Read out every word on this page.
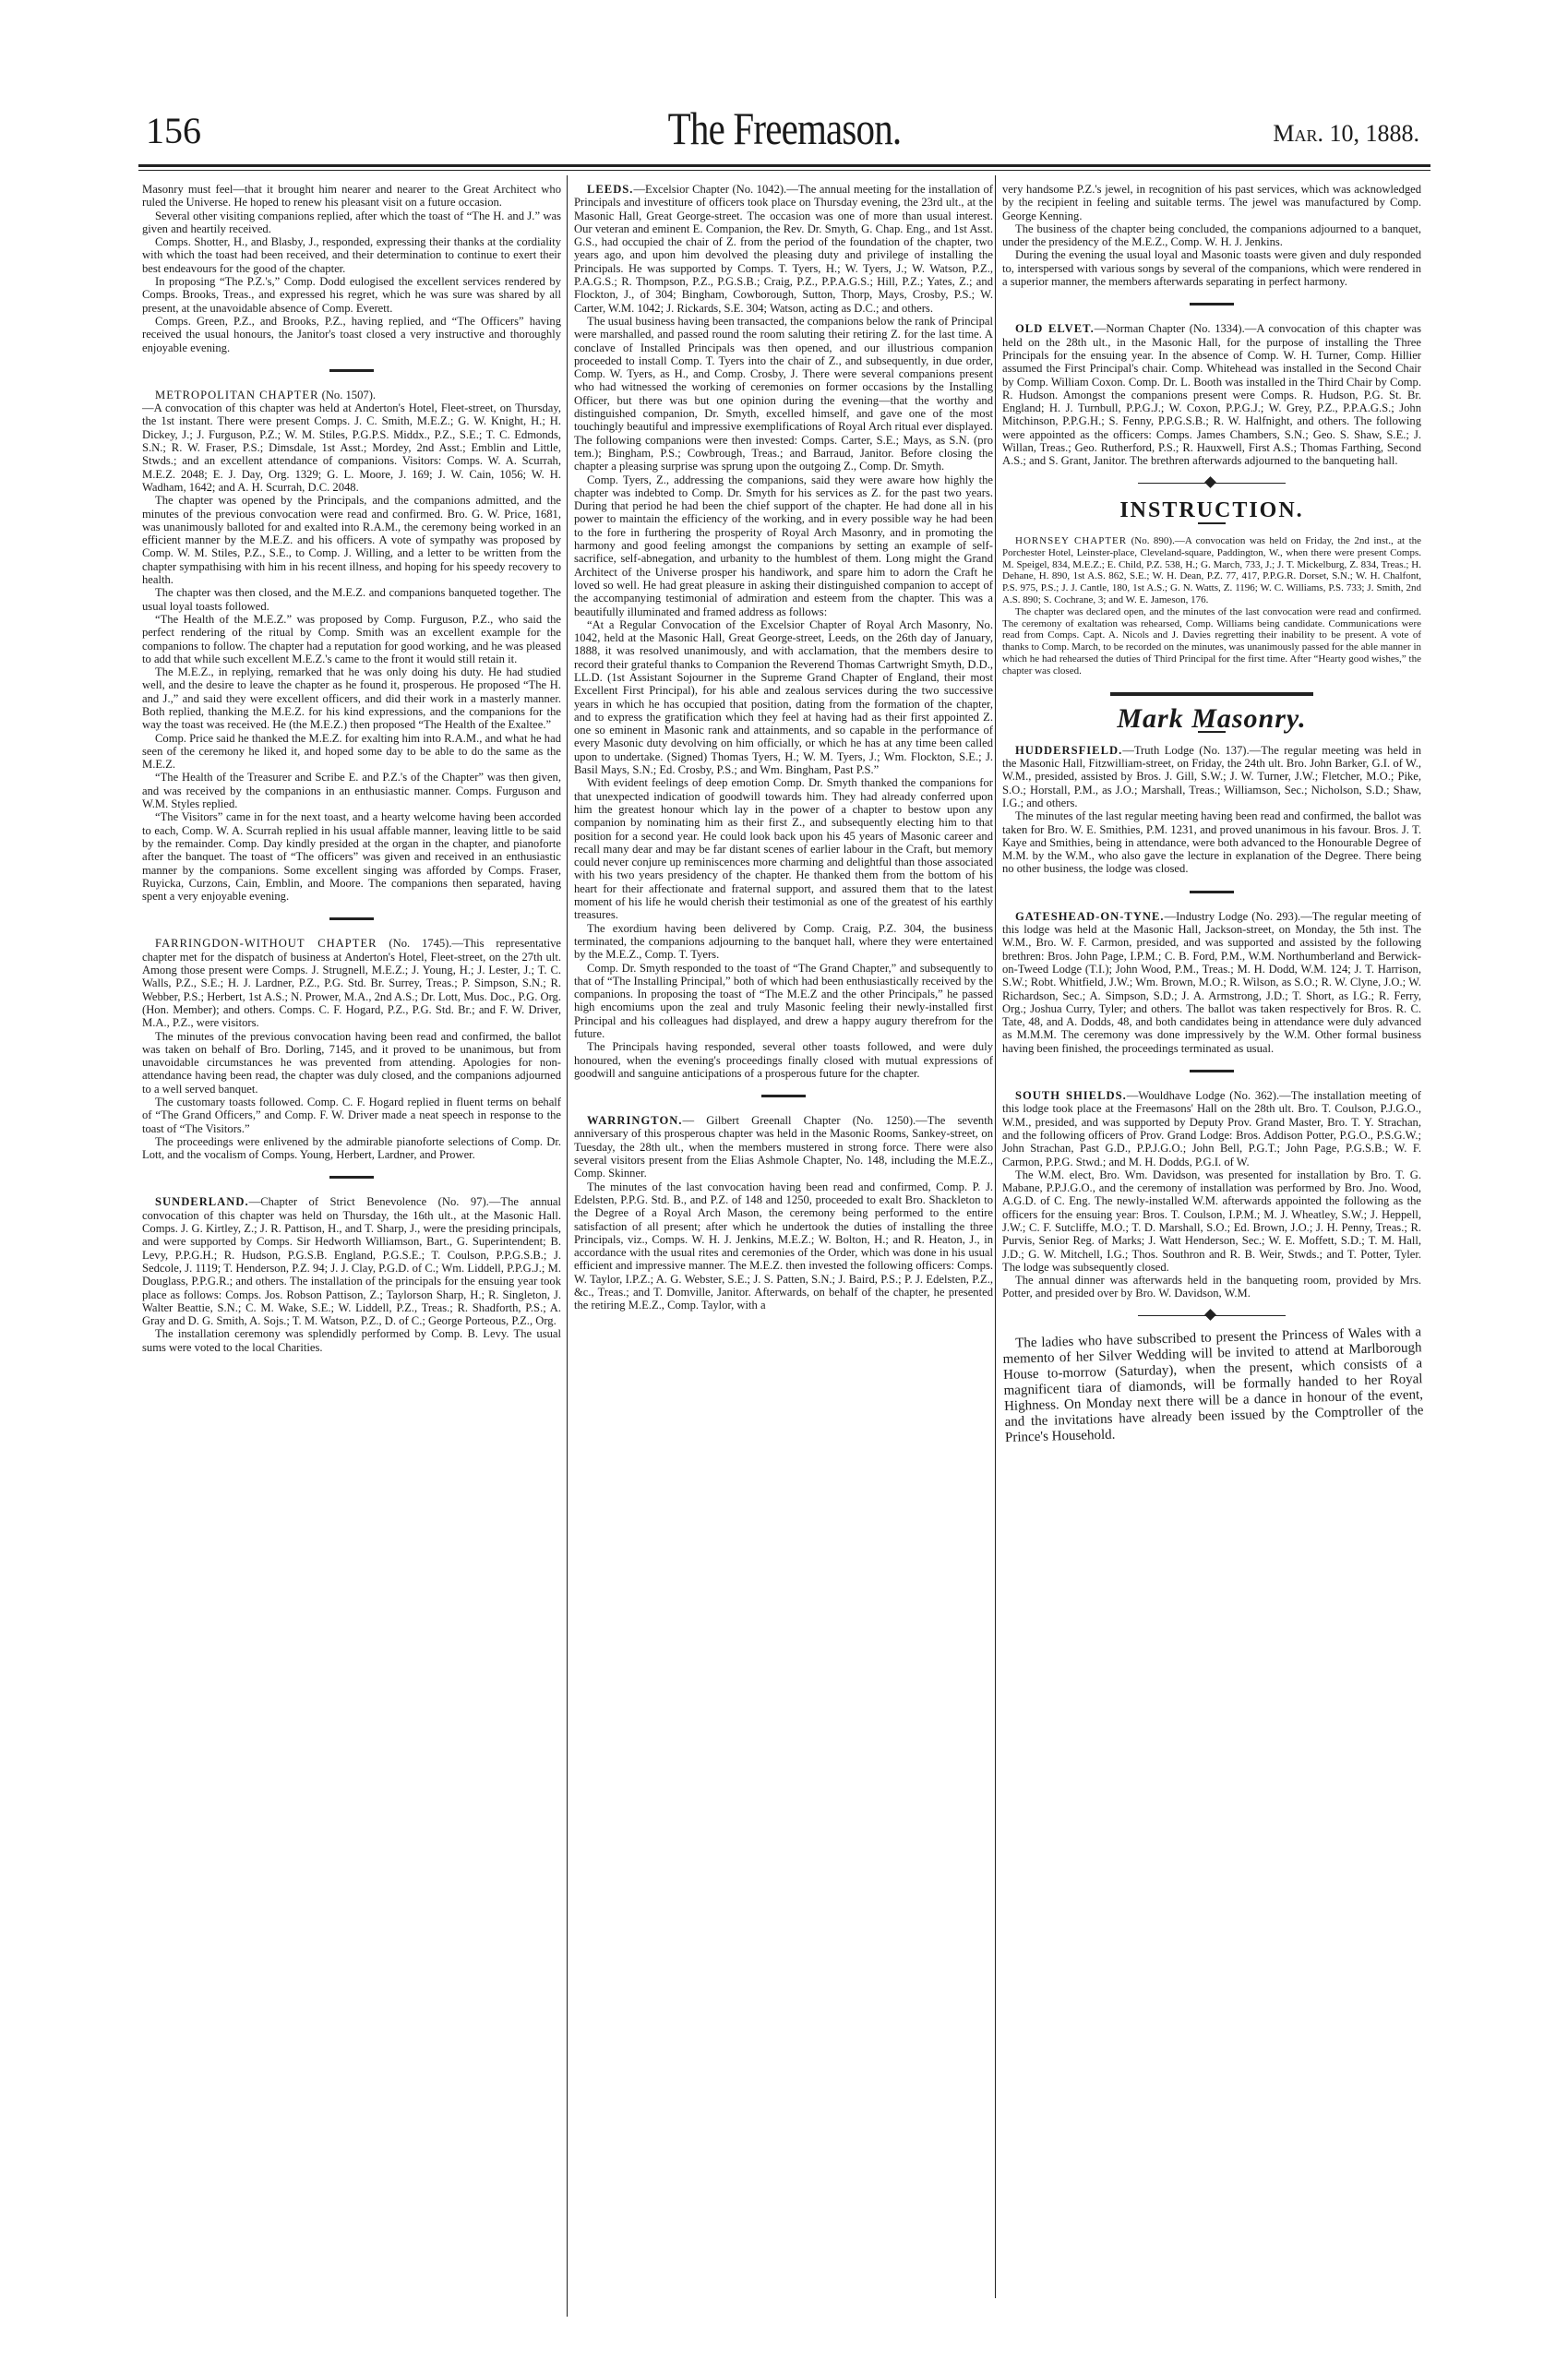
156	The Freemason.	Mar. 10, 1888.

Masonry must feel—that it brought him nearer and nearer to the Great Architect who ruled the Universe. He hoped to renew his pleasant visit on a future occasion.

Several other visiting companions replied, after which the toast of “The H. and J.” was given and heartily received.

Comps. Shotter, H., and Blasby, J., responded, expressing their thanks at the cordiality with which the toast had been received, and their determination to continue to exert their best endeavours for the good of the chapter.

In proposing “The P.Z.'s,” Comp. Dodd eulogised the excellent services rendered by Comps. Brooks, Treas., and expressed his regret, which he was sure was shared by all present, at the unavoidable absence of Comp. Everett.

Comps. Green, P.Z., and Brooks, P.Z., having replied, and “The Officers” having received the usual honours, the Janitor's toast closed a very instructive and thoroughly enjoyable evening.

METROPOLITAN CHAPTER (No. 1507).

—A convocation of this chapter was held at Anderton's Hotel, Fleet-street, on Thursday, the 1st instant. There were present Comps. J. C. Smith, M.E.Z.; G. W. Knight, H.; H. Dickey, J.; J. Furguson, P.Z.; W. M. Stiles, P.G.P.S. Middx., P.Z., S.E.; T. C. Edmonds, S.N.; R. W. Fraser, P.S.; Dimsdale, 1st Asst.; Mordey, 2nd Asst.; Emblin and Little, Stwds.; and an excellent attendance of companions. Visitors: Comps. W. A. Scurrah, M.E.Z. 2048; E. J. Day, Org. 1329; G. L. Moore, J. 169; J. W. Cain, 1056; W. H. Wadham, 1642; and A. H. Scurrah, D.C. 2048.

The chapter was opened by the Principals, and the companions admitted, and the minutes of the previous convocation were read and confirmed. Bro. G. W. Price, 1681, was unanimously balloted for and exalted into R.A.M., the ceremony being worked in an efficient manner by the M.E.Z. and his officers. A vote of sympathy was proposed by Comp. W. M. Stiles, P.Z., S.E., to Comp. J. Willing, and a letter to be written from the chapter sympathising with him in his recent illness, and hoping for his speedy recovery to health.

The chapter was then closed, and the M.E.Z. and companions banqueted together. The usual loyal toasts followed.

“The Health of the M.E.Z.” was proposed by Comp. Furguson, P.Z., who said the perfect rendering of the ritual by Comp. Smith was an excellent example for the companions to follow. The chapter had a reputation for good working, and he was pleased to add that while such excellent M.E.Z.'s came to the front it would still retain it.

The M.E.Z., in replying, remarked that he was only doing his duty. He had studied well, and the desire to leave the chapter as he found it, prosperous. He proposed “The H. and J.,” and said they were excellent officers, and did their work in a masterly manner. Both replied, thanking the M.E.Z. for his kind expressions, and the companions for the way the toast was received. He (the M.E.Z.) then proposed “The Health of the Exaltee.”

Comp. Price said he thanked the M.E.Z. for exalting him into R.A.M., and what he had seen of the ceremony he liked it, and hoped some day to be able to do the same as the M.E.Z.

“The Health of the Treasurer and Scribe E. and P.Z.'s of the Chapter” was then given, and was received by the companions in an enthusiastic manner. Comps. Furguson and W.M. Styles replied.

“The Visitors” came in for the next toast, and a hearty welcome having been accorded to each, Comp. W. A. Scurrah replied in his usual affable manner, leaving little to be said by the remainder. Comp. Day kindly presided at the organ in the chapter, and pianoforte after the banquet. The toast of “The officers” was given and received in an enthusiastic manner by the companions. Some excellent singing was afforded by Comps. Fraser, Ruyicka, Curzons, Cain, Emblin, and Moore. The companions then separated, having spent a very enjoyable evening.

FARRINGDON-WITHOUT CHAPTER (No. 1745).—This representative chapter met for the dispatch of business at Anderton's Hotel, Fleet-street, on the 27th ult. Among those present were Comps. J. Strugnell, M.E.Z.; J. Young, H.; J. Lester, J.; T. C. Walls, P.Z., S.E.; H. J. Lardner, P.Z., P.G. Std. Br. Surrey, Treas.; P. Simpson, S.N.; R. Webber, P.S.; Herbert, 1st A.S.; N. Prower, M.A., 2nd A.S.; Dr. Lott, Mus. Doc., P.G. Org. (Hon. Member); and others. Comps. C. F. Hogard, P.Z., P.G. Std. Br.; and F. W. Driver, M.A., P.Z., were visitors.

The minutes of the previous convocation having been read and confirmed, the ballot was taken on behalf of Bro. Dorling, 7145, and it proved to be unanimous, but from unavoidable circumstances he was prevented from attending. Apologies for non-attendance having been read, the chapter was duly closed, and the companions adjourned to a well served banquet.

The customary toasts followed. Comp. C. F. Hogard replied in fluent terms on behalf of “The Grand Officers,” and Comp. F. W. Driver made a neat speech in response to the toast of “The Visitors.”

The proceedings were enlivened by the admirable pianoforte selections of Comp. Dr. Lott, and the vocalism of Comps. Young, Herbert, Lardner, and Prower.

SUNDERLAND.—Chapter of Strict Benevolence (No. 97).—The annual convocation of this chapter was held on Thursday, the 16th ult., at the Masonic Hall. Comps. J. G. Kirtley, Z.; J. R. Pattison, H., and T. Sharp, J., were the presiding principals, and were supported by Comps. Sir Hedworth Williamson, Bart., G. Superintendent; B. Levy, P.P.G.H.; R. Hudson, P.G.S.B. England, P.G.S.E.; T. Coulson, P.P.G.S.B.; J. Sedcole, J. 1119; T. Henderson, P.Z. 94; J. J. Clay, P.G.D. of C.; Wm. Liddell, P.P.G.J.; M. Douglass, P.P.G.R.; and others. The installation of the principals for the ensuing year took place as follows: Comps. Jos. Robson Pattison, Z.; Taylorson Sharp, H.; R. Singleton, J. Walter Beattie, S.N.; C. M. Wake, S.E.; W. Liddell, P.Z., Treas.; R. Shadforth, P.S.; A. Gray and D. G. Smith, A. Sojs.; T. M. Watson, P.Z., D. of C.; George Porteous, P.Z., Org.

The installation ceremony was splendidly performed by Comp. B. Levy. The usual sums were voted to the local Charities.

LEEDS.—Excelsior Chapter (No. 1042).—The annual meeting for the installation of Principals and investiture of officers took place on Thursday evening, the 23rd ult., at the Masonic Hall, Great George-street. The occasion was one of more than usual interest. Our veteran and eminent E. Companion, the Rev. Dr. Smyth, G. Chap. Eng., and 1st Asst. G.S., had occupied the chair of Z. from the period of the foundation of the chapter, two years ago, and upon him devolved the pleasing duty and privilege of installing the Principals. He was supported by Comps. T. Tyers, H.; W. Tyers, J.; W. Watson, P.Z., P.A.G.S.; R. Thompson, P.Z., P.G.S.B.; Craig, P.Z., P.P.A.G.S.; Hill, P.Z.; Yates, Z.; and Flockton, J., of 304; Bingham, Cowborough, Sutton, Thorp, Mays, Crosby, P.S.; W. Carter, W.M. 1042; J. Rickards, S.E. 304; Watson, acting as D.C.; and others.

The usual business having been transacted, the companions below the rank of Principal were marshalled, and passed round the room saluting their retiring Z. for the last time. A conclave of Installed Principals was then opened, and our illustrious companion proceeded to install Comp. T. Tyers into the chair of Z., and subsequently, in due order, Comp. W. Tyers, as H., and Comp. Crosby, J. There were several companions present who had witnessed the working of ceremonies on former occasions by the Installing Officer, but there was but one opinion during the evening—that the worthy and distinguished companion, Dr. Smyth, excelled himself, and gave one of the most touchingly beautiful and impressive exemplifications of Royal Arch ritual ever displayed. The following companions were then invested: Comps. Carter, S.E.; Mays, as S.N. (pro tem.); Bingham, P.S.; Cowbrough, Treas.; and Barraud, Janitor. Before closing the chapter a pleasing surprise was sprung upon the outgoing Z., Comp. Dr. Smyth.

Comp. Tyers, Z., addressing the companions, said they were aware how highly the chapter was indebted to Comp. Dr. Smyth for his services as Z. for the past two years. During that period he had been the chief support of the chapter. He had done all in his power to maintain the efficiency of the working, and in every possible way he had been to the fore in furthering the prosperity of Royal Arch Masonry, and in promoting the harmony and good feeling amongst the companions by setting an example of self-sacrifice, self-abnegation, and urbanity to the humblest of them. Long might the Grand Architect of the Universe prosper his handiwork, and spare him to adorn the Craft he loved so well. He had great pleasure in asking their distinguished companion to accept of the accompanying testimonial of admiration and esteem from the chapter. This was a beautifully illuminated and framed address as follows:

“At a Regular Convocation of the Excelsior Chapter of Royal Arch Masonry, No. 1042, held at the Masonic Hall, Great George-street, Leeds, on the 26th day of January, 1888, it was resolved unanimously, and with acclamation, that the members desire to record their grateful thanks to Companion the Reverend Thomas Cartwright Smyth, D.D., LL.D. (1st Assistant Sojourner in the Supreme Grand Chapter of England, their most Excellent First Principal), for his able and zealous services during the two successive years in which he has occupied that position, dating from the formation of the chapter, and to express the gratification which they feel at having had as their first appointed Z. one so eminent in Masonic rank and attainments, and so capable in the performance of every Masonic duty devolving on him officially, or which he has at any time been called upon to undertake. (Signed) Thomas Tyers, H.; W. M. Tyers, J.; Wm. Flockton, S.E.; J. Basil Mays, S.N.; Ed. Crosby, P.S.; and Wm. Bingham, Past P.S.”

With evident feelings of deep emotion Comp. Dr. Smyth thanked the companions for that unexpected indication of goodwill towards him. They had already conferred upon him the greatest honour which lay in the power of a chapter to bestow upon any companion by nominating him as their first Z., and subsequently electing him to that position for a second year. He could look back upon his 45 years of Masonic career and recall many dear and may be far distant scenes of earlier labour in the Craft, but memory could never conjure up reminiscences more charming and delightful than those associated with his two years presidency of the chapter. He thanked them from the bottom of his heart for their affectionate and fraternal support, and assured them that to the latest moment of his life he would cherish their testimonial as one of the greatest of his earthly treasures.

The exordium having been delivered by Comp. Craig, P.Z. 304, the business terminated, the companions adjourning to the banquet hall, where they were entertained by the M.E.Z., Comp. T. Tyers.

Comp. Dr. Smyth responded to the toast of “The Grand Chapter,” and subsequently to that of “The Installing Principal,” both of which had been enthusiastically received by the companions. In proposing the toast of “The M.E.Z and the other Principals,” he passed high encomiums upon the zeal and truly Masonic feeling their newly-installed first Principal and his colleagues had displayed, and drew a happy augury therefrom for the future.

The Principals having responded, several other toasts followed, and were duly honoured, when the evening's proceedings finally closed with mutual expressions of goodwill and sanguine anticipations of a prosperous future for the chapter.

WARRINGTON.— Gilbert Greenall Chapter (No. 1250).—The seventh anniversary of this prosperous chapter was held in the Masonic Rooms, Sankey-street, on Tuesday, the 28th ult., when the members mustered in strong force. There were also several visitors present from the Elias Ashmole Chapter, No. 148, including the M.E.Z., Comp. Skinner.

The minutes of the last convocation having been read and confirmed, Comp. P. J. Edelsten, P.P.G. Std. B., and P.Z. of 148 and 1250, proceeded to exalt Bro. Shackleton to the Degree of a Royal Arch Mason, the ceremony being performed to the entire satisfaction of all present; after which he undertook the duties of installing the three Principals, viz., Comps. W. H. J. Jenkins, M.E.Z.; W. Bolton, H.; and R. Heaton, J., in accordance with the usual rites and ceremonies of the Order, which was done in his usual efficient and impressive manner. The M.E.Z. then invested the following officers: Comps. W. Taylor, I.P.Z.; A. G. Webster, S.E.; J. S. Patten, S.N.; J. Baird, P.S.; P. J. Edelsten, P.Z., &c., Treas.; and T. Domville, Janitor. Afterwards, on behalf of the chapter, he presented the retiring M.E.Z., Comp. Taylor, with a

very handsome P.Z.'s jewel, in recognition of his past services, which was acknowledged by the recipient in feeling and suitable terms. The jewel was manufactured by Comp. George Kenning.

The business of the chapter being concluded, the companions adjourned to a banquet, under the presidency of the M.E.Z., Comp. W. H. J. Jenkins.

During the evening the usual loyal and Masonic toasts were given and duly responded to, interspersed with various songs by several of the companions, which were rendered in a superior manner, the members afterwards separating in perfect harmony.

OLD ELVET.—Norman Chapter (No. 1334).—A convocation of this chapter was held on the 28th ult., in the Masonic Hall, for the purpose of installing the Three Principals for the ensuing year. In the absence of Comp. W. H. Turner, Comp. Hillier assumed the First Principal's chair. Comp. Whitehead was installed in the Second Chair by Comp. William Coxon. Comp. Dr. L. Booth was installed in the Third Chair by Comp. R. Hudson. Amongst the companions present were Comps. R. Hudson, P.G. St. Br. England; H. J. Turnbull, P.P.G.J.; W. Coxon, P.P.G.J.; W. Grey, P.Z., P.P.A.G.S.; John Mitchinson, P.P.G.H.; S. Fenny, P.P.G.S.B.; R. W. Halfnight, and others. The following were appointed as the officers: Comps. James Chambers, S.N.; Geo. S. Shaw, S.E.; J. Willan, Treas.; Geo. Rutherford, P.S.; R. Hauxwell, First A.S.; Thomas Farthing, Second A.S.; and S. Grant, Janitor. The brethren afterwards adjourned to the banqueting hall.

INSTRUCTION.

HORNSEY CHAPTER (No. 890).—A convocation was held on Friday, the 2nd inst., at the Porchester Hotel, Leinster-place, Cleveland-square, Paddington, W., when there were present Comps. M. Speigel, 834, M.E.Z.; E. Child, P.Z. 538, H.; G. March, 733, J.; J. T. Mickelburg, Z. 834, Treas.; H. Dehane, H. 890, 1st A.S. 862, S.E.; W. H. Dean, P.Z. 77, 417, P.P.G.R. Dorset, S.N.; W. H. Chalfont, P.S. 975, P.S.; J. J. Cantle, 180, 1st A.S.; G. N. Watts, Z. 1196; W. C. Williams, P.S. 733; J. Smith, 2nd A.S. 890; S. Cochrane, 3; and W. E. Jameson, 176.

The chapter was declared open, and the minutes of the last convocation were read and confirmed. The ceremony of exaltation was rehearsed, Comp. Williams being candidate. Communications were read from Comps. Capt. A. Nicols and J. Davies regretting their inability to be present. A vote of thanks to Comp. March, to be recorded on the minutes, was unanimously passed for the able manner in which he had rehearsed the duties of Third Principal for the first time. After “Hearty good wishes,” the chapter was closed.

Mark Masonry.

HUDDERSFIELD.—Truth Lodge (No. 137).—The regular meeting was held in the Masonic Hall, Fitzwilliam-street, on Friday, the 24th ult. Bro. John Barker, G.I. of W., W.M., presided, assisted by Bros. J. Gill, S.W.; J. W. Turner, J.W.; Fletcher, M.O.; Pike, S.O.; Horstall, P.M., as J.O.; Marshall, Treas.; Williamson, Sec.; Nicholson, S.D.; Shaw, I.G.; and others.

The minutes of the last regular meeting having been read and confirmed, the ballot was taken for Bro. W. E. Smithies, P.M. 1231, and proved unanimous in his favour. Bros. J. T. Kaye and Smithies, being in attendance, were both advanced to the Honourable Degree of M.M. by the W.M., who also gave the lecture in explanation of the Degree. There being no other business, the lodge was closed.

GATESHEAD-ON-TYNE.—Industry Lodge (No. 293).—The regular meeting of this lodge was held at the Masonic Hall, Jackson-street, on Monday, the 5th inst. The W.M., Bro. W. F. Carmon, presided, and was supported and assisted by the following brethren: Bros. John Page, I.P.M.; C. B. Ford, P.M., W.M. Northumberland and Berwick-on-Tweed Lodge (T.I.); John Wood, P.M., Treas.; M. H. Dodd, W.M. 124; J. T. Harrison, S.W.; Robt. Whitfield, J.W.; Wm. Brown, M.O.; R. Wilson, as S.O.; R. W. Clyne, J.O.; W. Richardson, Sec.; A. Simpson, S.D.; J. A. Armstrong, J.D.; T. Short, as I.G.; R. Ferry, Org.; Joshua Curry, Tyler; and others. The ballot was taken respectively for Bros. R. C. Tate, 48, and A. Dodds, 48, and both candidates being in attendance were duly advanced as M.M.M. The ceremony was done impressively by the W.M. Other formal business having been finished, the proceedings terminated as usual.

SOUTH SHIELDS.—Wouldhave Lodge (No. 362).—The installation meeting of this lodge took place at the Freemasons' Hall on the 28th ult. Bro. T. Coulson, P.J.G.O., W.M., presided, and was supported by Deputy Prov. Grand Master, Bro. T. Y. Strachan, and the following officers of Prov. Grand Lodge: Bros. Addison Potter, P.G.O., P.S.G.W.; John Strachan, Past G.D., P.P.J.G.O.; John Bell, P.G.T.; John Page, P.G.S.B.; W. F. Carmon, P.P.G. Stwd.; and M. H. Dodds, P.G.I. of W.

The W.M. elect, Bro. Wm. Davidson, was presented for installation by Bro. T. G. Mabane, P.P.J.G.O., and the ceremony of installation was performed by Bro. Jno. Wood, A.G.D. of C. Eng. The newly-installed W.M. afterwards appointed the following as the officers for the ensuing year: Bros. T. Coulson, I.P.M.; M. J. Wheatley, S.W.; J. Heppell, J.W.; C. F. Sutcliffe, M.O.; T. D. Marshall, S.O.; Ed. Brown, J.O.; J. H. Penny, Treas.; R. Purvis, Senior Reg. of Marks; J. Watt Henderson, Sec.; W. E. Moffett, S.D.; T. M. Hall, J.D.; G. W. Mitchell, I.G.; Thos. Southron and R. B. Weir, Stwds.; and T. Potter, Tyler. The lodge was subsequently closed.

The annual dinner was afterwards held in the banqueting room, provided by Mrs. Potter, and presided over by Bro. W. Davidson, W.M.

The ladies who have subscribed to present the Princess of Wales with a memento of her Silver Wedding will be invited to attend at Marlborough House to-morrow (Saturday), when the present, which consists of a magnificent tiara of diamonds, will be formally handed to her Royal Highness. On Monday next there will be a dance in honour of the event, and the invitations have already been issued by the Comptroller of the Prince's Household.
